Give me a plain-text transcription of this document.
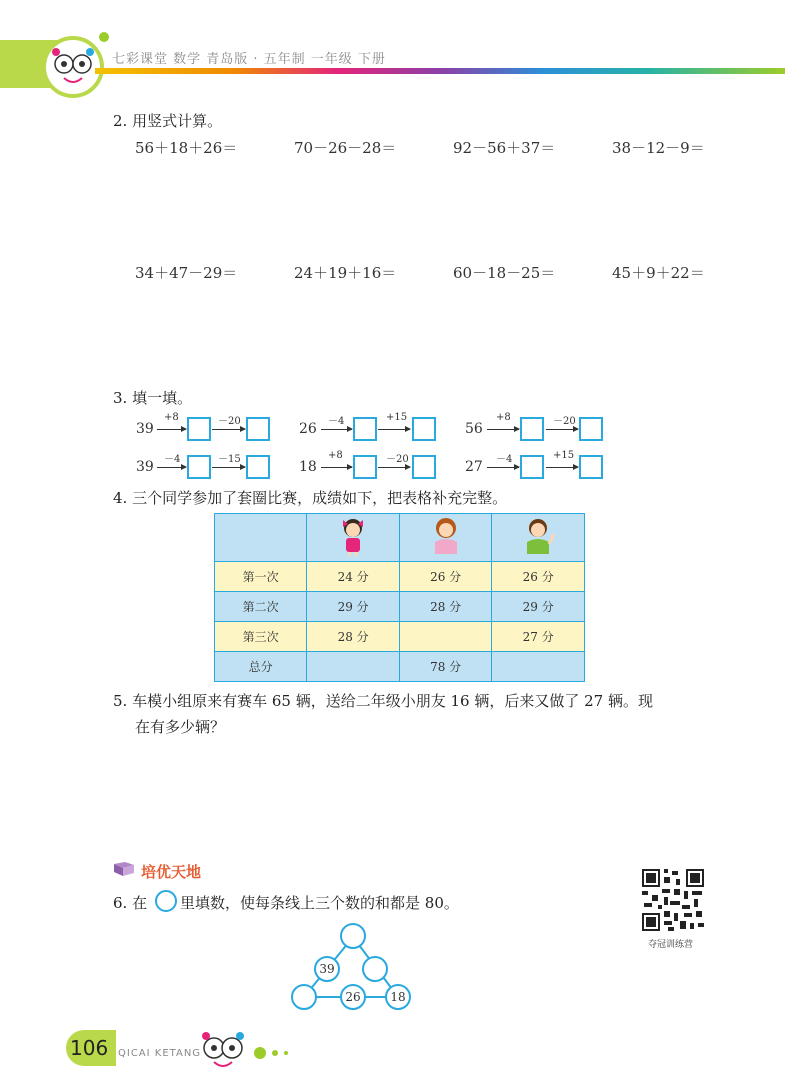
七彩课堂 数学 青岛版 · 五年制 一年级 下册
2. 用竖式计算。
56＋18＋26＝	70－26－28＝	92－56＋37＝	38－12－9＝
34＋47－29＝	24＋19＋16＝	60－18－25＝	45＋9＋22＝
3. 填一填。
39
+8	－20	26 －4	+15
56
+8	－20
39 －4	－15	18
+8	－20	27 －4	+15
4. 三个同学参加了套圈比赛，成绩如下，把表格补充完整。

第一次	24 分	26 分	26 分
第二次	29 分	28 分	29 分
第三次	28 分		27 分
总分		78 分	
5. 车模小组原来有赛车 65 辆，送给二年级小朋友 16 辆，后来又做了 27 辆。现
在有多少辆？
培优天地
6. 在 里填数，使每条线上三个数的和都是 80。
39
26	18
夺冠训练营
106 QICAI KETANG
